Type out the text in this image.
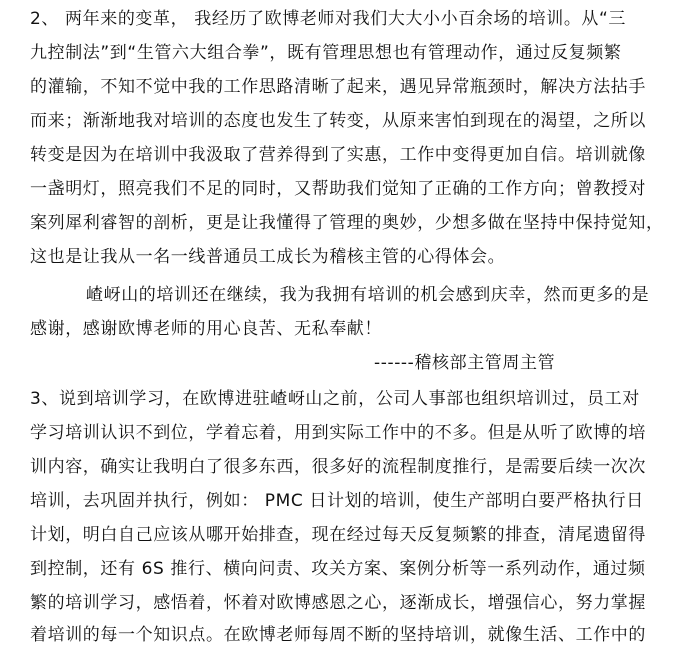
2、 两年来的变革， 我经历了欧博老师对我们大大小小百余场的培训。从“三
九控制法”到“生管六大组合拳”，既有管理思想也有管理动作，通过反复频繁
的灌输，不知不觉中我的工作思路清晰了起来，遇见异常瓶颈时，解决方法拈手
而来；渐渐地我对培训的态度也发生了转变，从原来害怕到现在的渴望，之所以
转变是因为在培训中我汲取了营养得到了实惠，工作中变得更加自信。培训就像
一盏明灯，照亮我们不足的同时，又帮助我们觉知了正确的工作方向；曾教授对
案列犀利睿智的剖析，更是让我懂得了管理的奥妙，少想多做在坚持中保持觉知，
这也是让我从一名一线普通员工成长为稽核主管的心得体会。
嵖岈山的培训还在继续，我为我拥有培训的机会感到庆幸，然而更多的是
感谢，感谢欧博老师的用心良苦、无私奉献！
------稽核部主管周主管
3、说到培训学习，在欧博进驻嵖岈山之前，公司人事部也组织培训过，员工对
学习培训认识不到位，学着忘着，用到实际工作中的不多。但是从听了欧博的培
训内容，确实让我明白了很多东西，很多好的流程制度推行，是需要后续一次次
培训，去巩固并执行，例如： PMC 日计划的培训，使生产部明白要严格执行日
计划，明白自己应该从哪开始排查，现在经过每天反复频繁的排查，清尾遗留得
到控制，还有 6S 推行、横向问责、攻关方案、案例分析等一系列动作，通过频
繁的培训学习，感悟着，怀着对欧博感恩之心，逐渐成长，增强信心，努力掌握
着培训的每一个知识点。在欧博老师每周不断的坚持培训，就像生活、工作中的
